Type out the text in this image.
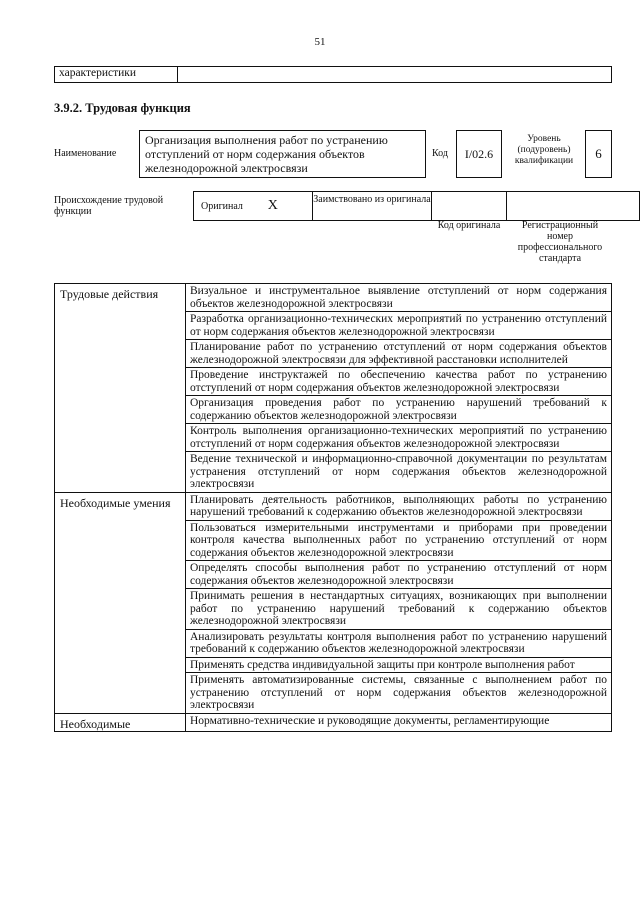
51
характеристики	
3.9.2. Трудовая функция
Наименование
Организация выполнения работ по устранению отступлений от норм содержания объектов железнодорожной электросвязи
Код	I/02.6
Уровень (подуровень) квалификации	6
Происхождение трудовой функции	Оригинал	X	Заимствовано из оригинала		
Код оригинала	Регистрационный номер профессионального стандарта
Трудовые действия	Визуальное и инструментальное выявление отступлений от норм содержания объектов железнодорожной электросвязи
	Разработка организационно-технических мероприятий по устранению отступлений от норм содержания объектов железнодорожной электросвязи
	Планирование работ по устранению отступлений от норм содержания объектов железнодорожной электросвязи для эффективной расстановки исполнителей
	Проведение инструктажей по обеспечению качества работ по устранению отступлений от норм содержания объектов железнодорожной электросвязи
	Организация проведения работ по устранению нарушений требований к содержанию объектов железнодорожной электросвязи
	Контроль выполнения организационно-технических мероприятий по устранению отступлений от норм содержания объектов железнодорожной электросвязи
	Ведение технической и информационно-справочной документации по результатам устранения отступлений от норм содержания объектов железнодорожной электросвязи
Необходимые умения	Планировать деятельность работников, выполняющих работы по устранению нарушений требований к содержанию объектов железнодорожной электросвязи
	Пользоваться измерительными инструментами и приборами при проведении контроля качества выполненных работ по устранению отступлений от норм содержания объектов железнодорожной электросвязи
	Определять способы выполнения работ по устранению отступлений от норм содержания объектов железнодорожной электросвязи
	Принимать решения в нестандартных ситуациях, возникающих при выполнении работ по устранению нарушений требований к содержанию объектов железнодорожной электросвязи
	Анализировать результаты контроля выполнения работ по устранению нарушений требований к содержанию объектов железнодорожной электросвязи
	Применять средства индивидуальной защиты при контроле выполнения работ
	Применять автоматизированные системы, связанные с выполнением работ по устранению отступлений от норм содержания объектов железнодорожной электросвязи
Необходимые	Нормативно-технические и руководящие документы, регламентирующие
